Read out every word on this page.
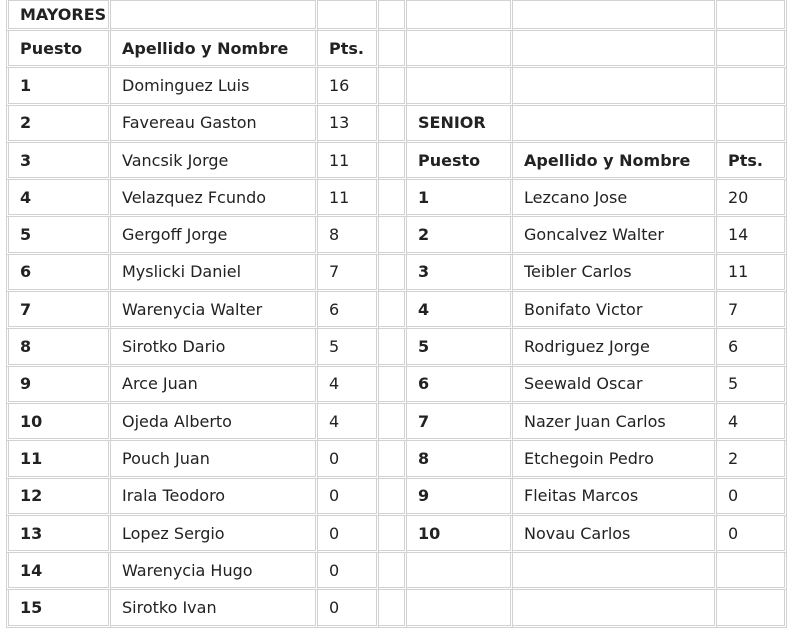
MAYORES						
Puesto	Apellido y Nombre	Pts.				
1	Dominguez Luis	16				
2	Favereau Gaston	13		SENIOR		
3	Vancsik Jorge	11		Puesto	Apellido y Nombre	Pts.
4	Velazquez Fcundo	11		1	Lezcano Jose	20
5	Gergoff Jorge	8		2	Goncalvez Walter	14
6	Myslicki Daniel	7		3	Teibler Carlos	11
7	Warenycia Walter	6		4	Bonifato Victor	7
8	Sirotko Dario	5		5	Rodriguez Jorge	6
9	Arce Juan	4		6	Seewald Oscar	5
10	Ojeda Alberto	4		7	Nazer Juan Carlos	4
11	Pouch Juan	0		8	Etchegoin Pedro	2
12	Irala Teodoro	0		9	Fleitas Marcos	0
13	Lopez Sergio	0		10	Novau Carlos	0
14	Warenycia Hugo	0				
15	Sirotko Ivan	0				
